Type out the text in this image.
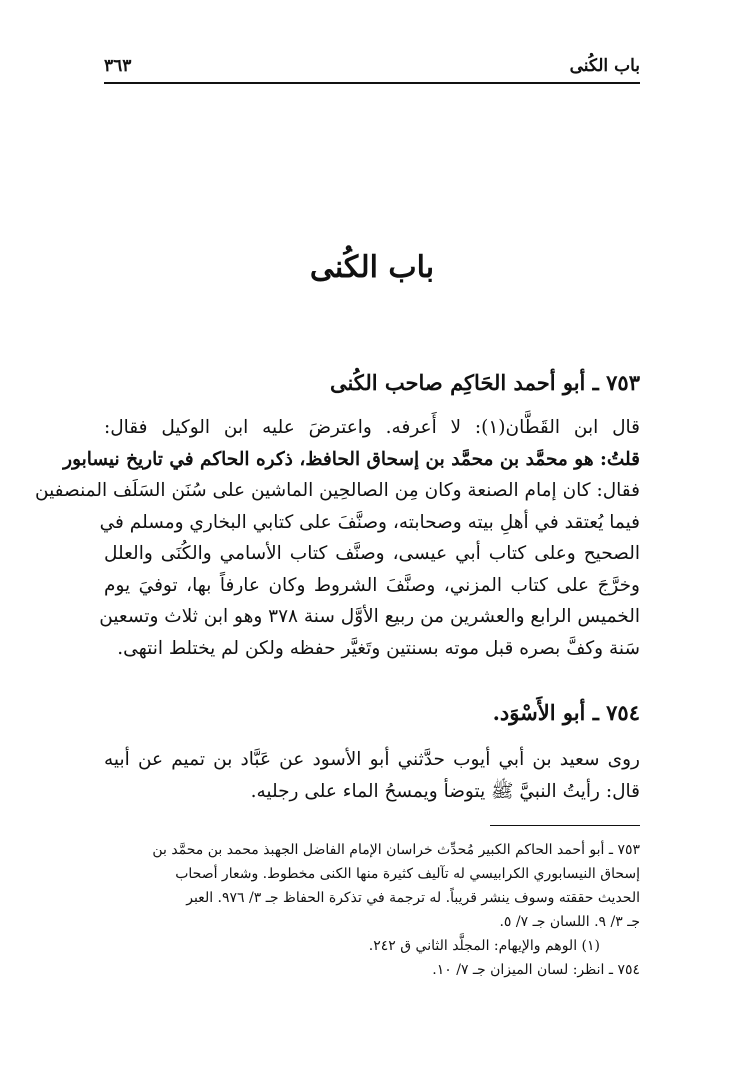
باب الكُنى
٣٦٣
باب الكُنى
٧٥٣ ـ أبو أحمد الحَاكِم صاحب الكُنى
قال ابن القَطَّان(١): لا أَعرفه. واعترضَ عليه ابن الوكيل فقال:
قلتُ: هو محمَّد بن محمَّد بن إسحاق الحافظ، ذكره الحاكم في تاريخ نيسابور
فقال: كان إمام الصنعة وكان مِن الصالحِين الماشين على سُنَن السَلَف المنصفين
فيما يُعتقد في أهلِ بيته وصحابته، وصنَّفَ على كتابي البخاري ومسلم في
الصحيح وعلى كتاب أبي عيسى، وصنَّف كتاب الأسامي والكُنَى والعلل
وخرَّجَ على كتاب المزني، وصنَّفَ الشروط وكان عارفاً بها، توفيَ يوم
الخميس الرابع والعشرين من ربيع الأوَّل سنة ٣٧٨ وهو ابن ثلاث وتسعين
سَنة وكفَّ بصره قبل موته بسنتين وتَغيَّر حفظه ولكن لم يختلط انتهى.
٧٥٤ ـ أبو الأَسْوَد.
روى سعيد بن أبي أيوب حدَّثني أبو الأسود عن عَبَّاد بن تميم عن أبيه
قال: رأيتُ النبيَّ ﷺ يتوضأ ويمسحُ الماء على رجليه.
٧٥٣ ـ أبو أحمد الحاكم الكبير مُحدِّث خراسان الإمام الفاضل الجهبذ محمد بن محمَّد بن
إسحاق النيسابوري الكرابيسي له تآليف كثيرة منها الكنى مخطوط. وشعار أصحاب
الحديث حققته وسوف ينشر قريباً. له ترجمة في تذكرة الحفاظ جـ ٣/ ٩٧٦. العبر
جـ ٣/ ٩. اللسان جـ ٧/ ٥.
(١) الوهم والإيهام: المجلَّد الثاني ق ٢٤٢.
٧٥٤ ـ انظر: لسان الميزان جـ ٧/ ١٠.
